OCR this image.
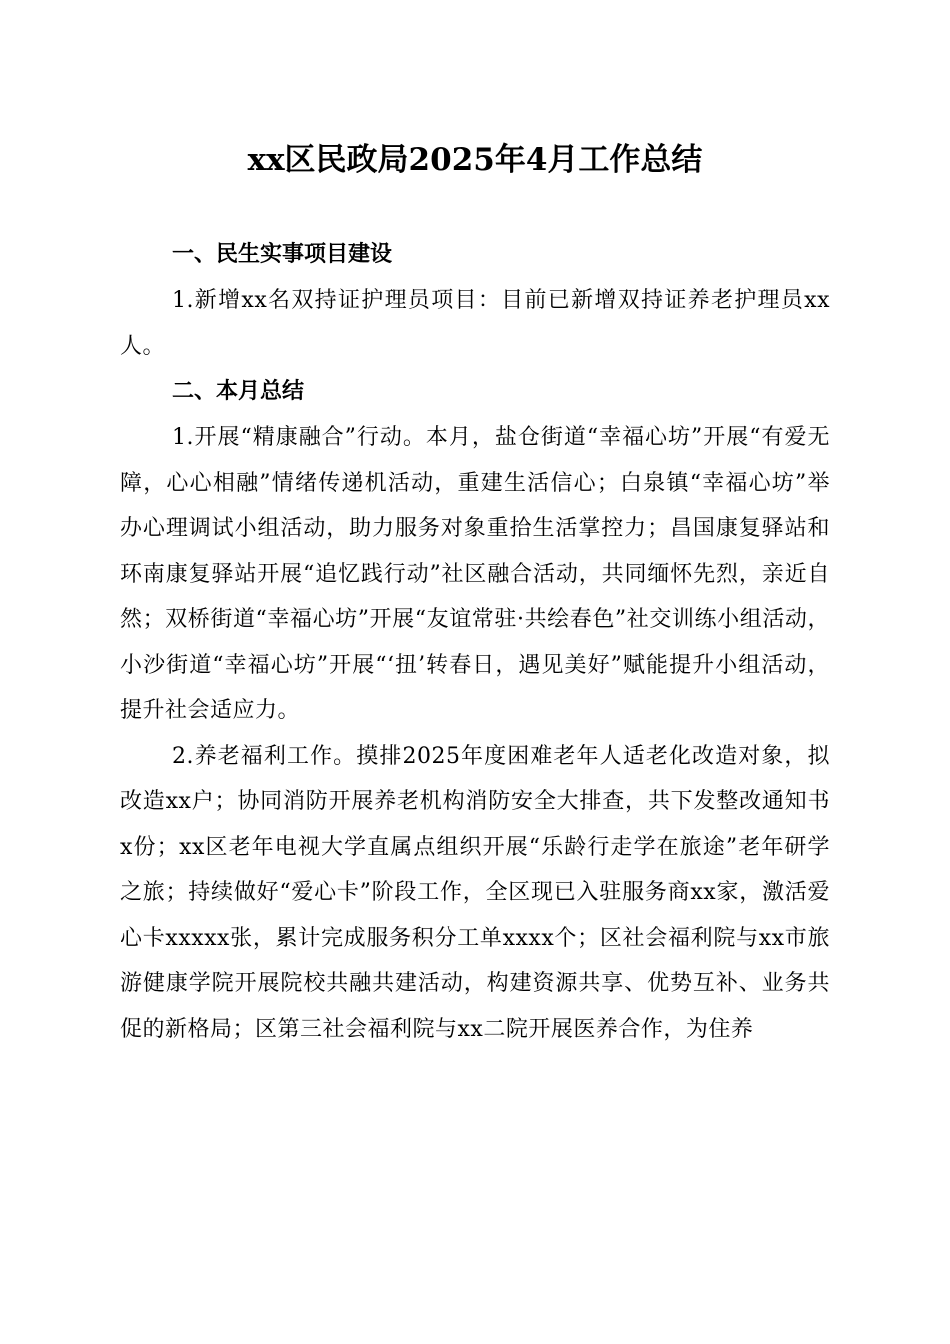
xx区民政局2025年4月工作总结

一、民生实事项目建设

1.新增xx名双持证护理员项目：目前已新增双持证养老护理员xx人。

二、本月总结

1.开展“精康融合”行动。本月，盐仓街道“幸福心坊”开展“有爱无障，心心相融”情绪传递机活动，重建生活信心；白泉镇“幸福心坊”举办心理调试小组活动，助力服务对象重拾生活掌控力；昌国康复驿站和环南康复驿站开展“追忆践行动”社区融合活动，共同缅怀先烈，亲近自然；双桥街道“幸福心坊”开展“友谊常驻·共绘春色”社交训练小组活动，小沙街道“幸福心坊”开展“‘扭’转春日，遇见美好”赋能提升小组活动，提升社会适应力。

2.养老福利工作。摸排2025年度困难老年人适老化改造对象，拟改造xx户；协同消防开展养老机构消防安全大排查，共下发整改通知书x份；xx区老年电视大学直属点组织开展“乐龄行走学在旅途”老年研学之旅；持续做好“爱心卡”阶段工作，全区现已入驻服务商xx家，激活爱心卡xxxxx张，累计完成服务积分工单xxxx个；区社会福利院与xx市旅游健康学院开展院校共融共建活动，构建资源共享、优势互补、业务共促的新格局；区第三社会福利院与xx二院开展医养合作，为住养
